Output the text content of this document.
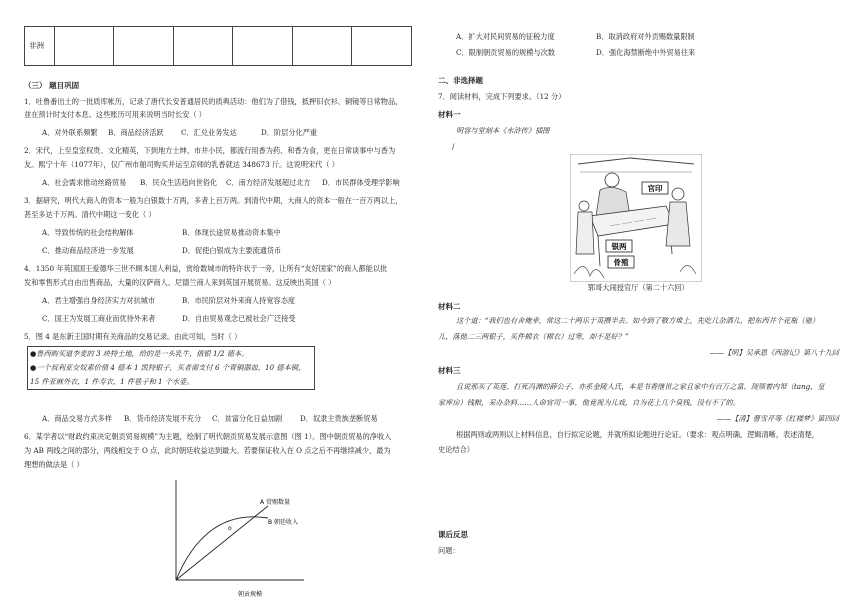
非洲						
（三） 题目巩固
1．吐鲁番出土的一批质库帐历，记录了唐代长安普通居民的质典活动：他们为了借钱，抵押旧衣衫、铜镜等日常物品，
並在预计时支付本息。这些账历可用来说明当时长安（ ）
A．对外联系频繁	B．商品经济活跃	C．汇兑业务发达	D．阶层分化严重
2．宋代，上至皇室权贵、文化精英，下到地方士绅、市井小民，都流行用香为药、和香为食，更在日常谈事中与香为
友。熙宁十年（1077年），仅广州市舶司购买并运至京师的乳香就达 348673 斤。这说明宋代（ ）
A．社会需求推动丝路贸易	B．民众生活趋向世俗化	C．南方经济发展超过北方	D．市民群体受理学影响
3．据研究，明代大商人的资本一般为白银数十万两，多者上百万两。到清代中期，大商人的资本一般在一百万两以上，
甚至多达千万两。清代中期这一变化（ ）
A．导致传统的社会结构解体	B．体现长途贸易推动资本集中
C．推动商品经济进一步发展	D．促使白银成为主要流通货币
4．1350 年英国国王爱德华三世不顾本国人利益，赏给数城市的特许状于一旁，让所有“友好国家”的商人都能以批
发和零售形式自由出售商品，大量的汉萨商人、尼德兰商人来到英国开展贸易。这反映出英国（ ）
A．君主增强自身经济实力对抗城市	B．市民阶层对外来商人持宽容态度
C．国王为发展工商业而优待外来者	D．自由贸易观念已被社会广泛接受
5．图 4 是东新王国时期有关商品的交易记录。由此可知，当时（ ）
●鲁西购买道李麦的 3 块特土地，给的是一头乳牛，值银 1/2 德本。
●一个叔利亚女奴素价值 4 德本 1 凯特银子，买者需支付 6 个青铜器皿、10 德本铜，
15 件亚麻外衣，1 件寿衣，1 件毯子和 1 个水壶。
A．商品交易方式多样	B．货币经济发展不充分	C．贫富分化日益加剧	D．奴隶主贵族垄断贸易
6．某学者以“财政约束决定朝贡贸易规模”为主题，绘制了明代朝贡贸易发展示意图（图 1）。图中朝贡贸易的净收入
为 AB 两线之间的部分，两线相交于 O 点，此时朝廷收益达到最大。若要保证收入在 O 点之后不再继续减少，最为
理想的做法是（ ）
A 赏赐数量
B 朝廷收入
o
朝贡规模
A．扩大对民间贸易的征税力度	B．取消政府对外贡赐数量限制
C．限制朝贡贸易的规模与次数	D．强化海禁断绝中外贸易往来
二、非选择题
7．阅读材料，完成下列要求。（12 分）
材料一
明容与堂刻本《水浒传》插图
/
官印
银两
骨殖
郓哥大闹授官厅（第二十六回）
材料二
这个道：“我们也有舍俺幸，常这二十两乐于英攒半去。如今到了敬方堆上，先吃几杂酒儿，把东西并个花瓶（驰）
儿，落他二三两银子，买件棉衣（棉衣）过寒，却不是好？”
——【明】吴承恩《西游记》第八十九回
材料三
且说那买了英莲、打死冯渊的薛公子，亦系金陵人氏，本是书香继世之家且家中有百万之富。现领着内帑（tang，皇
家库房）钱粮，采办杂料……人命官司一事，他竟视为儿戏，自为花上几个臭钱，没有不了的。
——【清】曹雪芹等《红楼梦》第四回
根据两则或两则以上材料信息，自行拟定论题，并就所拟论题进行论证。（要求：观点明确，逻辑清晰，表述清楚，
史论结合）
课后反思
问题：
